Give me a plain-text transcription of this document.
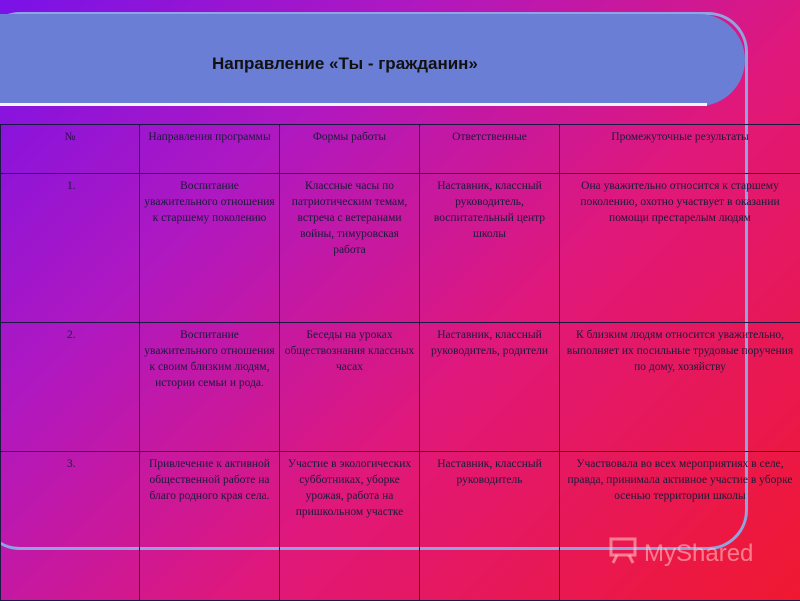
Направление «Ты - гражданин»
№	Направления программы	Формы работы	Ответственные	Промежуточные результаты
1.	Воспитание уважительного отношения к старшему поколению	Классные часы по патриотическим темам, встреча с ветеранами войны, тимуровская работа	Наставник, классный руководитель, воспитательный центр школы	Она уважительно относится к старшему поколению, охотно участвует в оказании помощи престарелым людям
2.	Воспитание уважительного отношения к своим близким людям, истории семьи и рода.	Беседы на уроках обществознания классных часах	Наставник, классный руководитель, родители	К близким людям относится уважительно, выполняет их посильные трудовые поручения по дому, хозяйству
3.	Привлечение к активной общественной работе на благо родного края села.	Участие в экологических субботниках, уборке урожая, работа на пришкольном участке	Наставник, классный руководитель	Участвовала во всех мероприятиях в селе, правда, принимала активное участие в уборке осенью территории школы
MyShared
